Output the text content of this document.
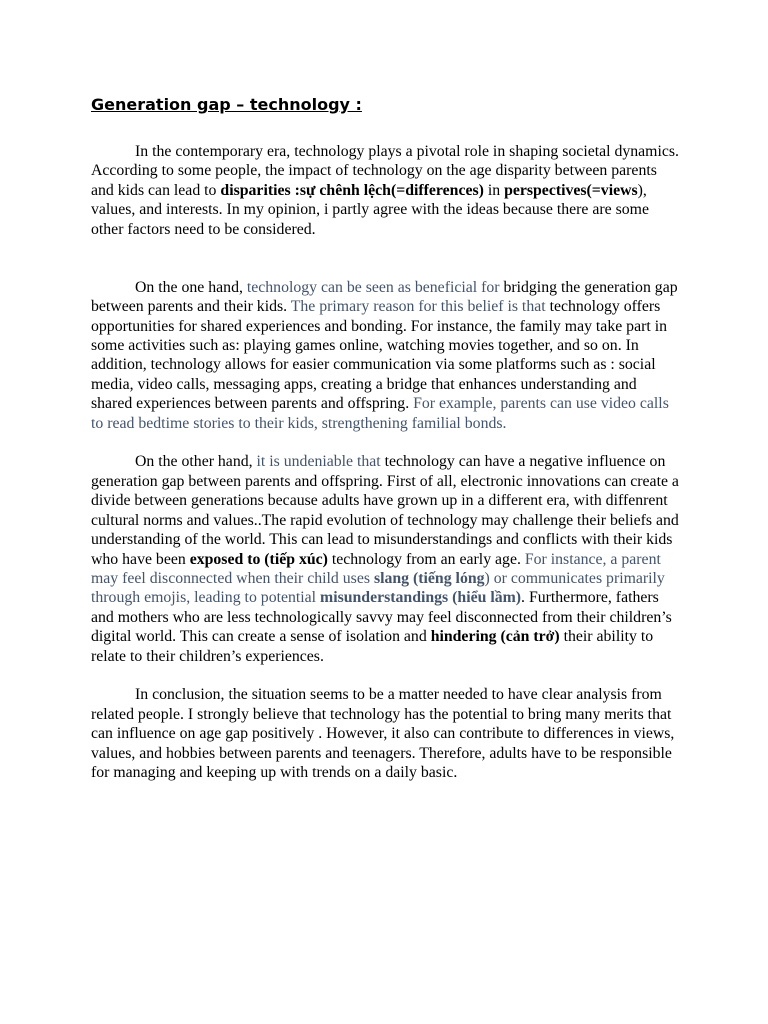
Generation gap – technology :

In the contemporary era, technology plays a pivotal role in shaping societal dynamics. According to some people, the impact of technology on the age disparity between parents and kids can lead to disparities :sự chênh lệch(=differences) in perspectives(=views), values, and interests. In my opinion, i partly agree with the ideas because there are some other factors need to be considered.

On the one hand, technology can be seen as beneficial for bridging the generation gap between parents and their kids. The primary reason for this belief is that technology offers opportunities for shared experiences and bonding. For instance, the family may take part in some activities such as: playing games online, watching movies together, and so on. In addition, technology allows for easier communication via some platforms such as : social media, video calls, messaging apps, creating a bridge that enhances understanding and shared experiences between parents and offspring. For example, parents can use video calls to read bedtime stories to their kids, strengthening familial bonds.

On the other hand, it is undeniable that technology can have a negative influence on generation gap between parents and offspring. First of all, electronic innovations can create a divide between generations because adults have grown up in a different era, with diffenrent cultural norms and values..The rapid evolution of technology may challenge their beliefs and understanding of the world. This can lead to misunderstandings and conflicts with their kids who have been exposed to (tiếp xúc) technology from an early age. For instance, a parent may feel disconnected when their child uses slang (tiếng lóng) or communicates primarily through emojis, leading to potential misunderstandings (hiểu lầm). Furthermore, fathers and mothers who are less technologically savvy may feel disconnected from their children’s digital world. This can create a sense of isolation and hindering (cản trở) their ability to relate to their children’s experiences.

In conclusion, the situation seems to be a matter needed to have clear analysis from related people. I strongly believe that technology has the potential to bring many merits that can influence on age gap positively . However, it also can contribute to differences in views, values, and hobbies between parents and teenagers. Therefore, adults have to be responsible for managing and keeping up with trends on a daily basic.
